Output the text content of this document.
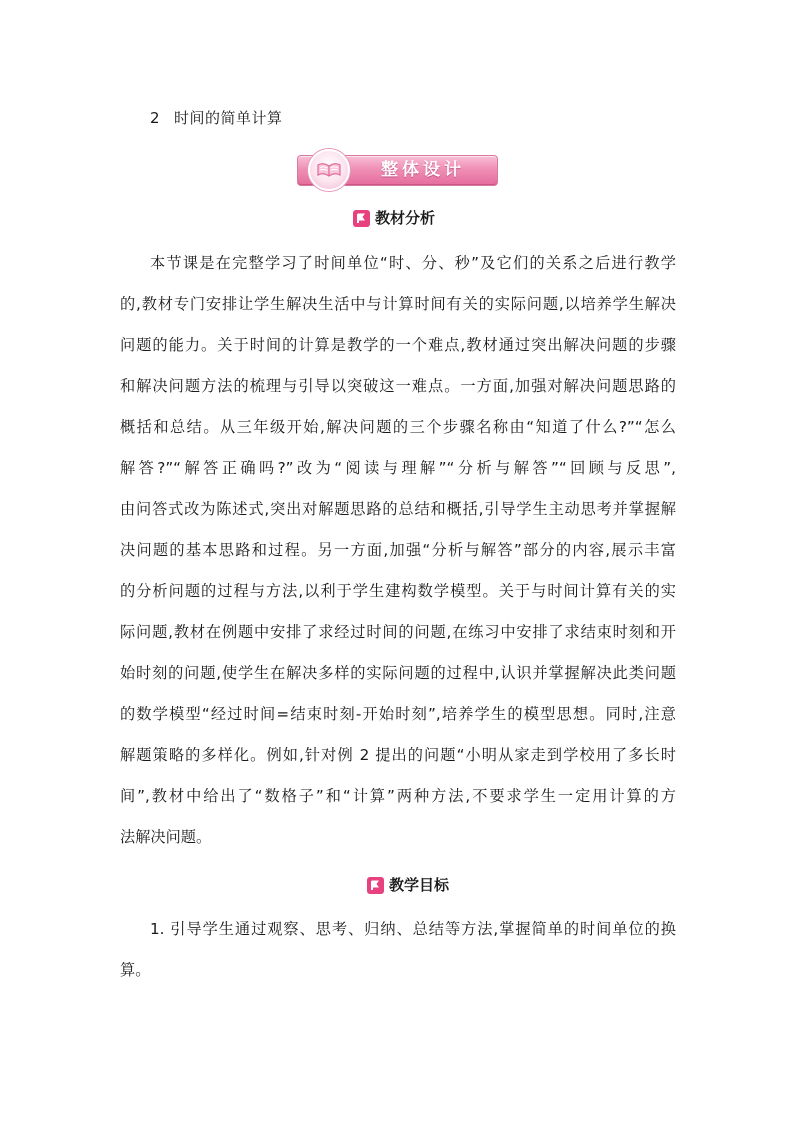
2 时间的简单计算
整体设计
教材分析
本节课是在完整学习了时间单位“时、分、秒”及它们的关系之后进行教学
的,教材专门安排让学生解决生活中与计算时间有关的实际问题,以培养学生解决
问题的能力。关于时间的计算是教学的一个难点,教材通过突出解决问题的步骤
和解决问题方法的梳理与引导以突破这一难点。一方面,加强对解决问题思路的
概括和总结。从三年级开始,解决问题的三个步骤名称由“知道了什么?”“怎么
解答?”“解答正确吗?”改为“阅读与理解”“分析与解答”“回顾与反思”,
由问答式改为陈述式,突出对解题思路的总结和概括,引导学生主动思考并掌握解
决问题的基本思路和过程。另一方面,加强“分析与解答”部分的内容,展示丰富
的分析问题的过程与方法,以利于学生建构数学模型。关于与时间计算有关的实
际问题,教材在例题中安排了求经过时间的问题,在练习中安排了求结束时刻和开
始时刻的问题,使学生在解决多样的实际问题的过程中,认识并掌握解决此类问题
的数学模型“经过时间=结束时刻-开始时刻”,培养学生的模型思想。同时,注意
解题策略的多样化。例如,针对例 2 提出的问题“小明从家走到学校用了多长时
间”,教材中给出了“数格子”和“计算”两种方法,不要求学生一定用计算的方
法解决问题。
教学目标
1. 引导学生通过观察、思考、归纳、总结等方法,掌握简单的时间单位的换
算。
